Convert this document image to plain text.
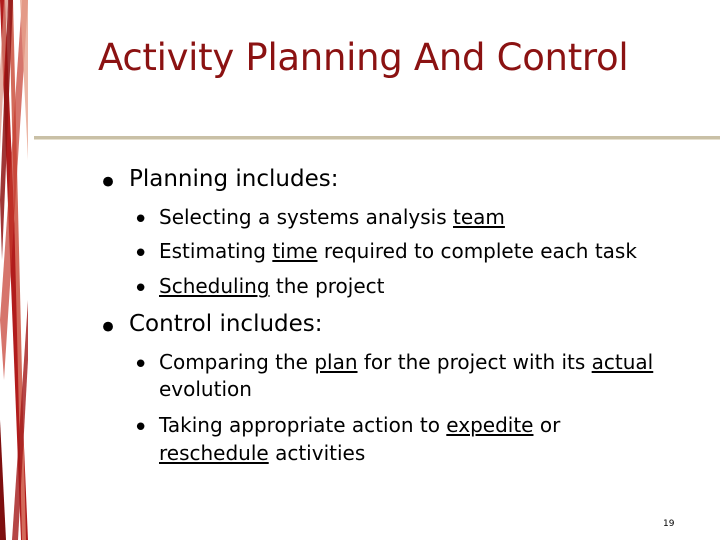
Activity Planning And Control
• Planning includes:
• Selecting a systems analysis team
• Estimating time required to complete each task
• Scheduling the project
• Control includes:
• Comparing the plan for the project with its actual
evolution
• Taking appropriate action to expedite or
reschedule activities
19
